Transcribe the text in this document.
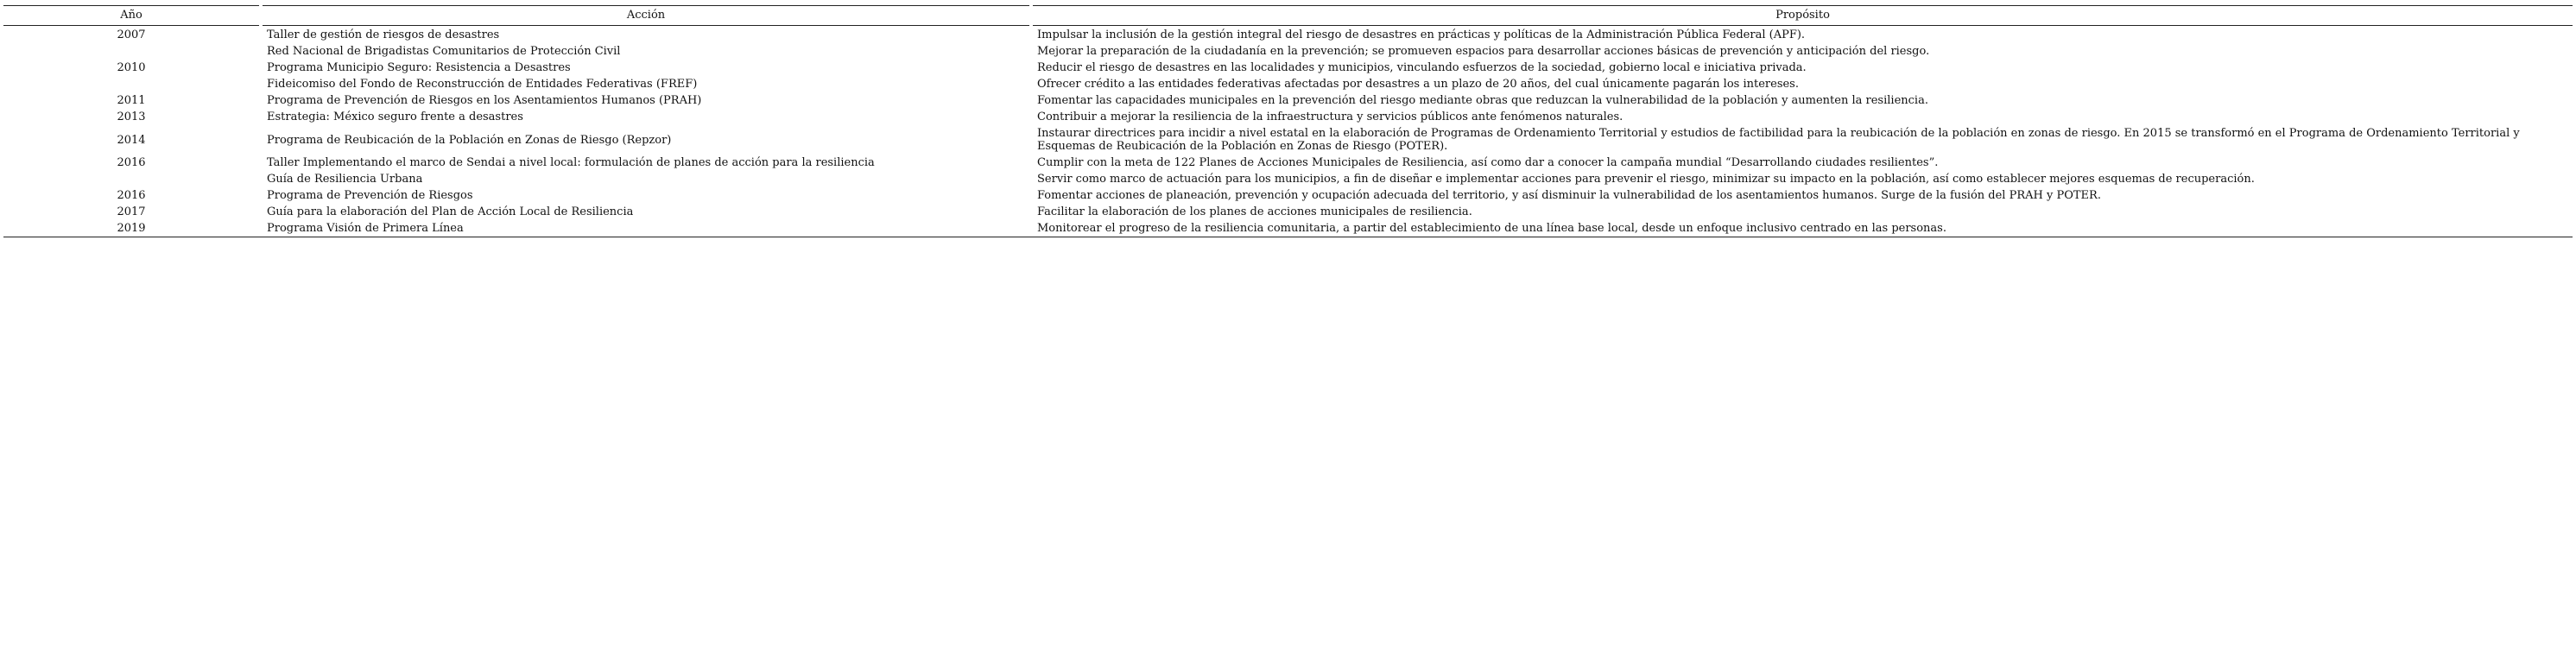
Año		Acción		Propósito
2007		Taller de gestión de riesgos de desastres		Impulsar la inclusión de la gestión integral del riesgo de desastres en prácticas y políticas de la Administración Pública Federal (APF).
		Red Nacional de Brigadistas Comunitarios de Protección Civil		Mejorar la preparación de la ciudadanía en la prevención; se promueven espacios para desarrollar acciones básicas de prevención y anticipación del riesgo.
2010		Programa Municipio Seguro: Resistencia a Desastres		Reducir el riesgo de desastres en las localidades y municipios, vinculando esfuerzos de la sociedad, gobierno local e iniciativa privada.
		Fideicomiso del Fondo de Reconstrucción de Entidades Federativas (FREF)		Ofrecer crédito a las entidades federativas afectadas por desastres a un plazo de 20 años, del cual únicamente pagarán los intereses.
2011		Programa de Prevención de Riesgos en los Asentamientos Humanos (PRAH)		Fomentar las capacidades municipales en la prevención del riesgo mediante obras que reduzcan la vulnerabilidad de la población y aumenten la resiliencia.
2013		Estrategia: México seguro frente a desastres		Contribuir a mejorar la resiliencia de la infraestructura y servicios públicos ante fenómenos naturales.
2014		Programa de Reubicación de la Población en Zonas de Riesgo (Repzor)		Instaurar directrices para incidir a nivel estatal en la elaboración de Programas de Ordenamiento Territorial y estudios de factibilidad para la reubicación de la población en zonas de riesgo. En 2015 se transformó en el Programa de Ordenamiento Territorial y Esquemas de Reubicación de la Población en Zonas de Riesgo (POTER).
2016		Taller Implementando el marco de Sendai a nivel local: formulación de planes de acción para la resiliencia		Cumplir con la meta de 122 Planes de Acciones Municipales de Resiliencia, así como dar a conocer la campaña mundial “Desarrollando ciudades resilientes”.
		Guía de Resiliencia Urbana		Servir como marco de actuación para los municipios, a fin de diseñar e implementar acciones para prevenir el riesgo, minimizar su impacto en la población, así como establecer mejores esquemas de recuperación.
2016		Programa de Prevención de Riesgos		Fomentar acciones de planeación, prevención y ocupación adecuada del territorio, y así disminuir la vulnerabilidad de los asentamientos humanos. Surge de la fusión del PRAH y POTER.
2017		Guía para la elaboración del Plan de Acción Local de Resiliencia		Facilitar la elaboración de los planes de acciones municipales de resiliencia.
2019		Programa Visión de Primera Línea		Monitorear el progreso de la resiliencia comunitaria, a partir del establecimiento de una línea base local, desde un enfoque inclusivo centrado en las personas.
